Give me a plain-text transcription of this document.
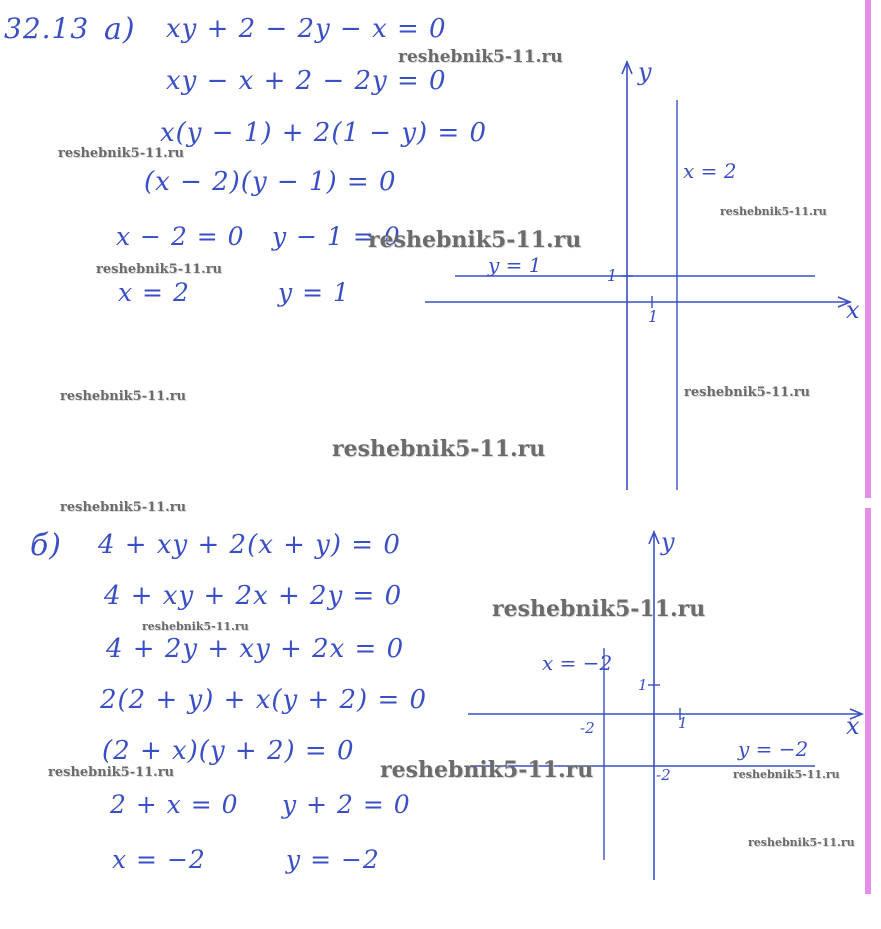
32.13 а) xy + 2 − 2y − x = 0
xy − x + 2 − 2y = 0
x(y − 1) + 2(1 − y) = 0
(x − 2)(y − 1) = 0
x − 2 = 0 y − 1 = 0
x = 2	y = 1
y
x
1
1
x = 2
y = 1
y
x
1
1
-2
-2
x = −2
y = −2
б) 4 + xy + 2(x + y) = 0
4 + xy + 2x + 2y = 0
4 + 2y + xy + 2x = 0
2(2 + y) + x(y + 2) = 0
(2 + x)(y + 2) = 0
2 + x = 0 y + 2 = 0
x = −2	y = −2
reshebnik5-11.ru
reshebnik5-11.ru
reshebnik5-11.ru
reshebnik5-11.ru
reshebnik5-11.ru
reshebnik5-11.ru	reshebnik5-11.ru
reshebnik5-11.ru
reshebnik5-11.ru
reshebnik5-11.ru
reshebnik5-11.ru
reshebnik5-11.ru
reshebnik5-11.ru	reshebnik5-11.ru
reshebnik5-11.ru
